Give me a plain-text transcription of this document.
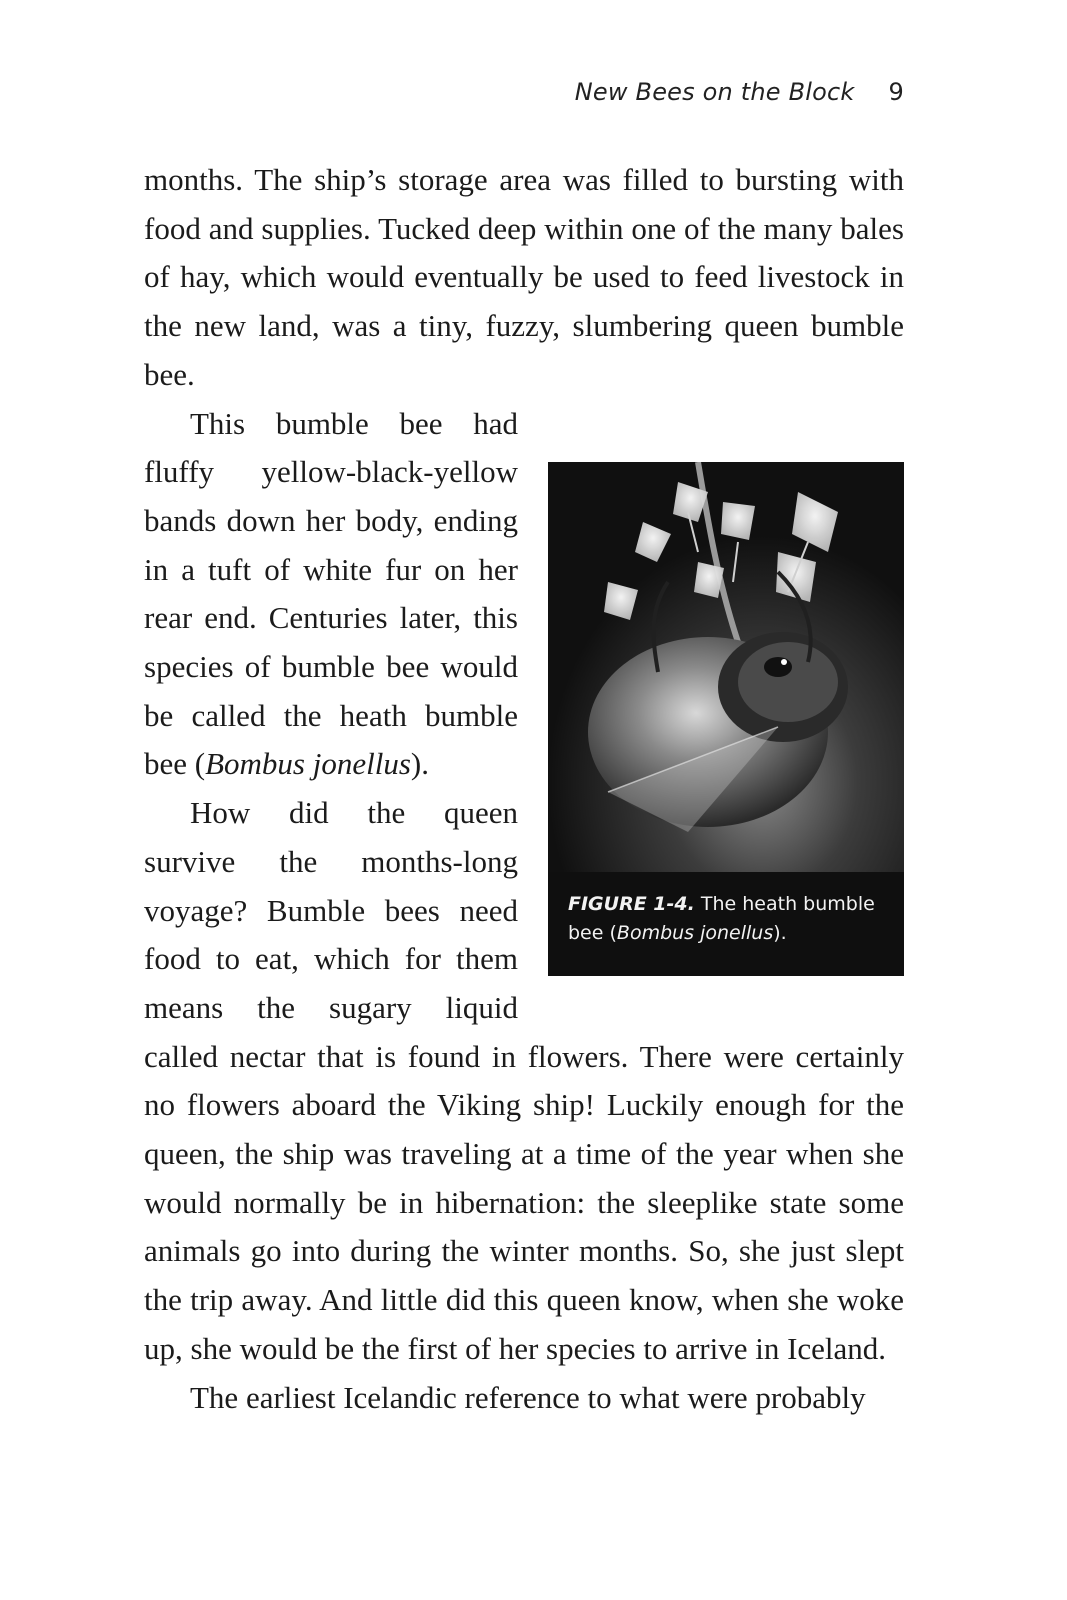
New Bees on the Block 9

months. The ship’s storage area was filled to bursting with food and supplies. Tucked deep within one of the many bales of hay, which would eventually be used to feed livestock in the new land, was a tiny, fuzzy, slumbering queen bumble bee.

FIGURE 1-4. The heath bumble bee (Bombus jonellus).

This bumble bee had fluffy yellow-black-yellow bands down her body, ending in a tuft of white fur on her rear end. Centuries later, this species of bumble bee would be called the heath bumble bee (Bombus jonellus).

How did the queen survive the months-long voyage? Bumble bees need food to eat, which for them means the sugary liquid called nectar that is found in flowers. There were certainly no flowers aboard the Viking ship! Luckily enough for the queen, the ship was traveling at a time of the year when she would normally be in hibernation: the sleeplike state some animals go into during the winter months. So, she just slept the trip away. And little did this queen know, when she woke up, she would be the first of her species to arrive in Iceland.

The earliest Icelandic reference to what were probably
